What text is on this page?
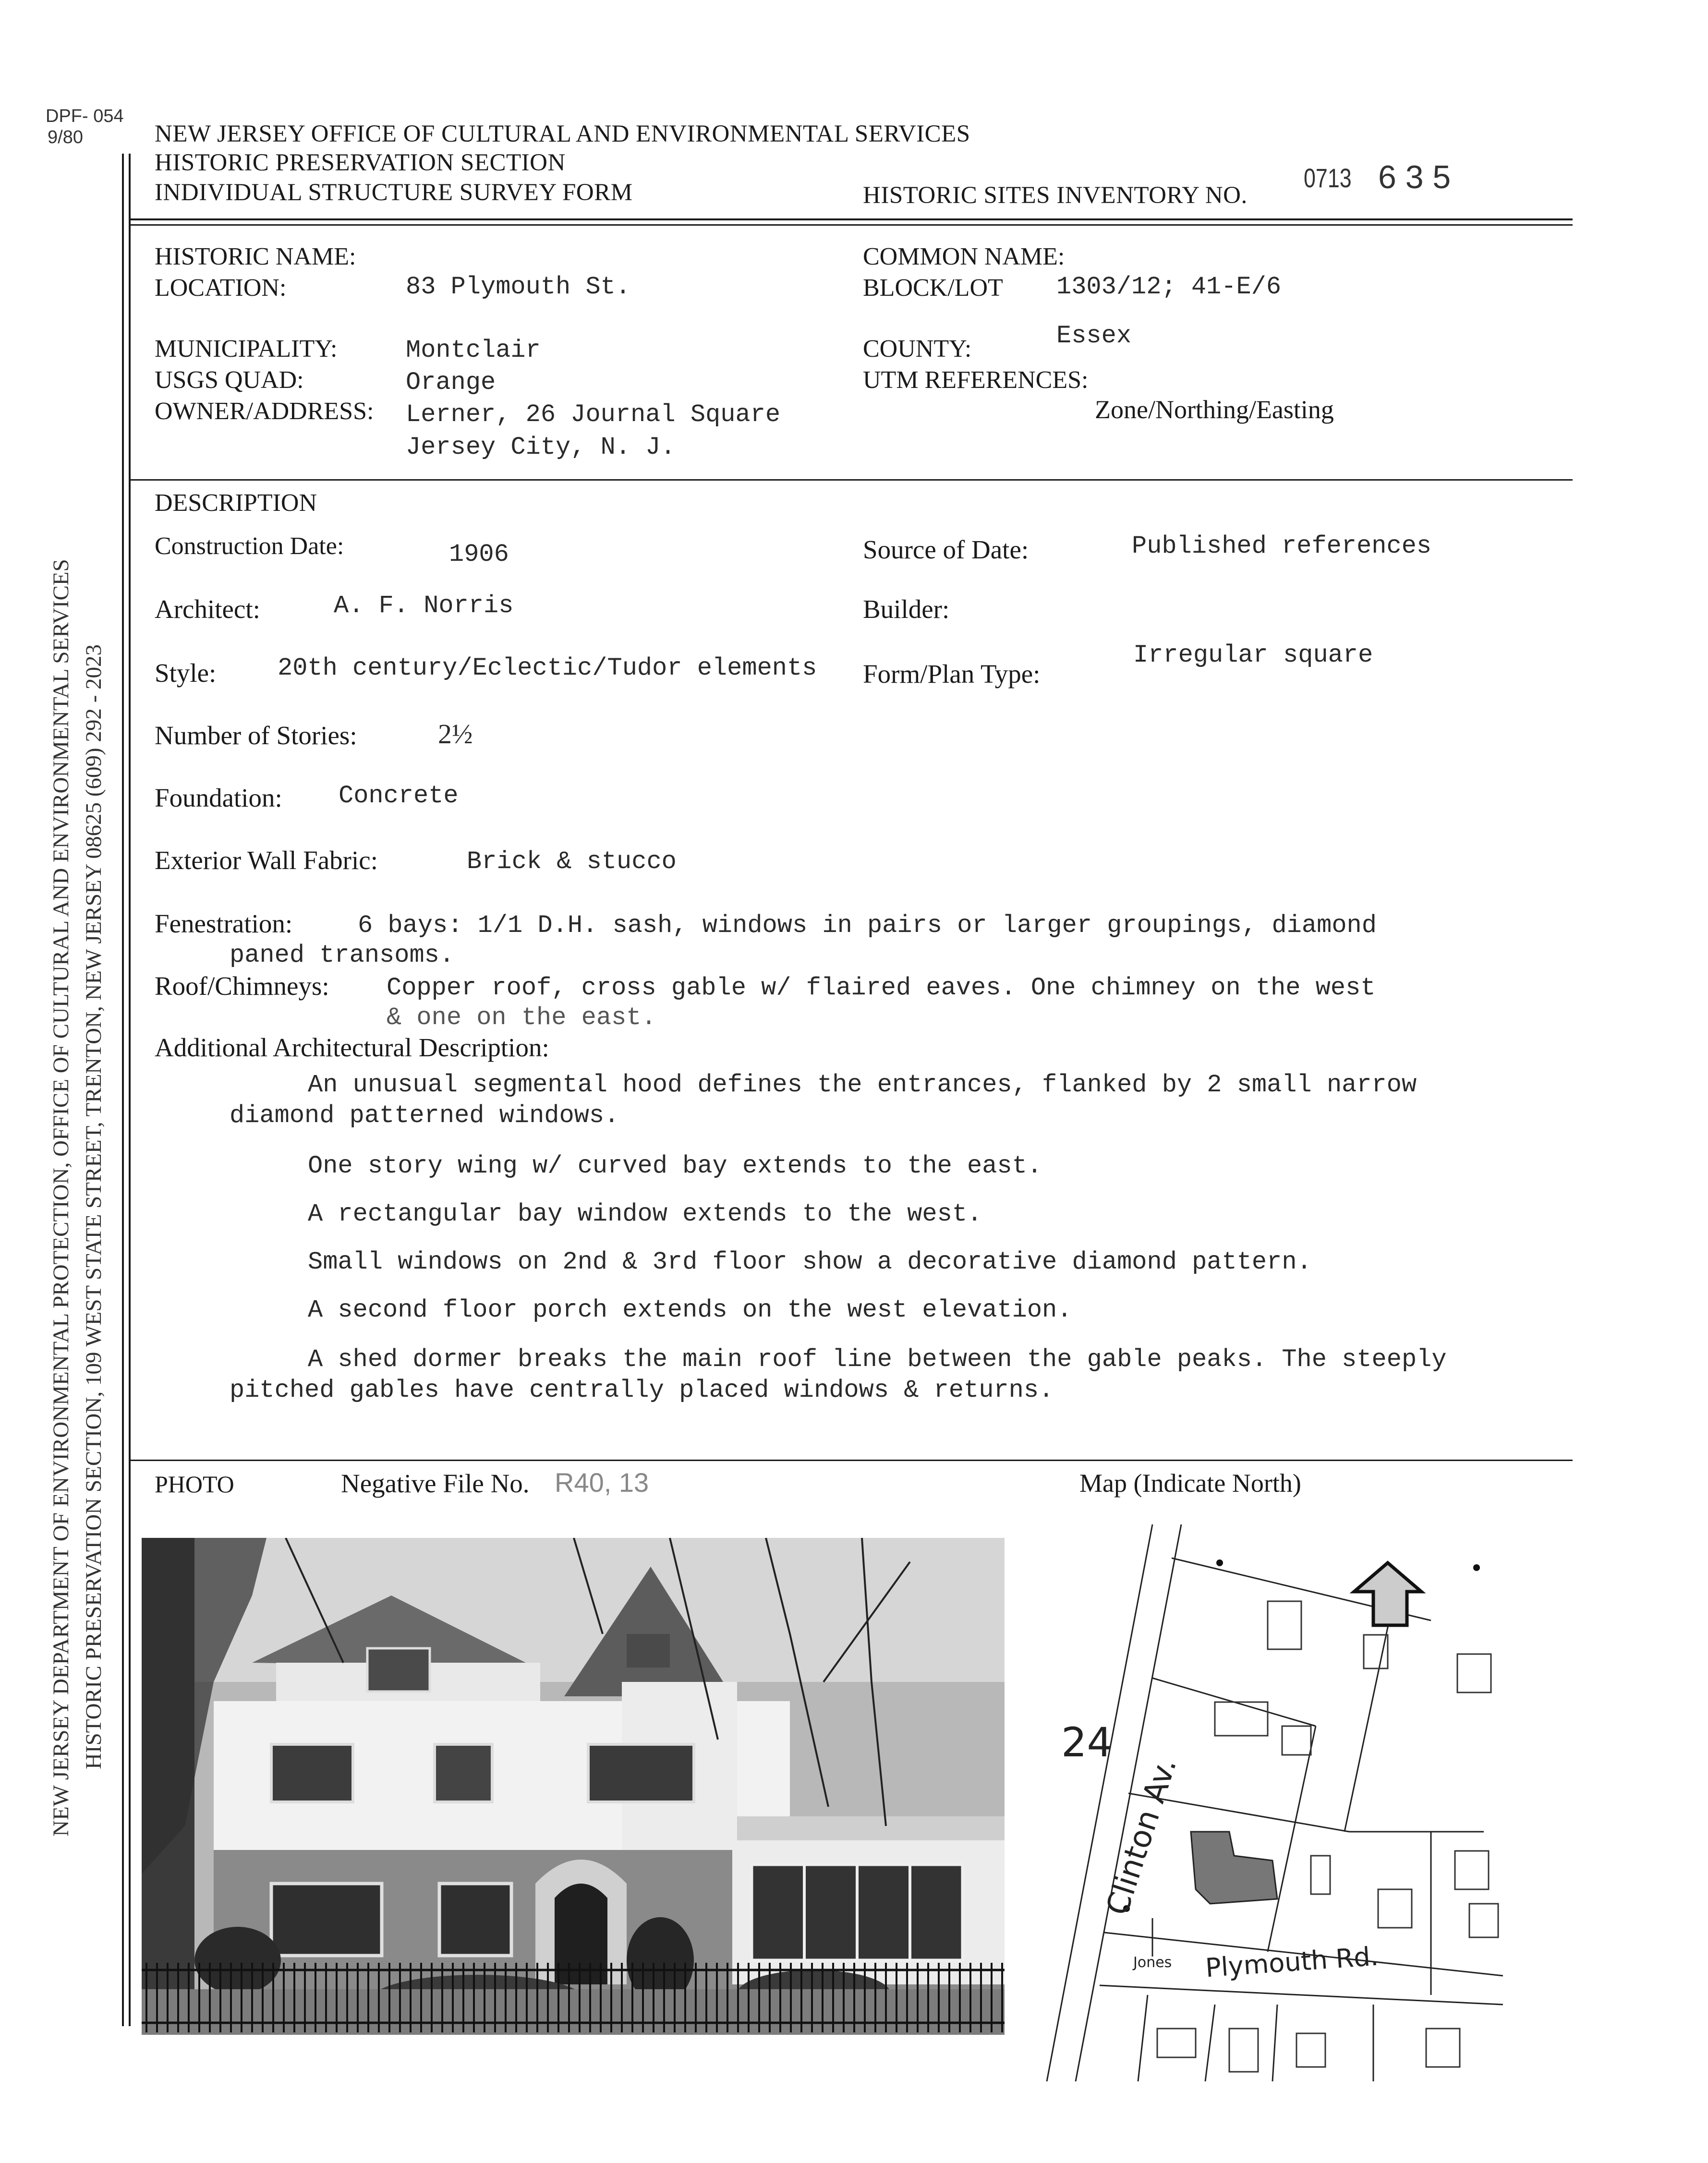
DPF- 054
9/80
NEW JERSEY DEPARTMENT OF ENVIRONMENTAL PROTECTION, OFFICE OF CULTURAL AND ENVIRONMENTAL SERVICES HISTORIC PRESERVATION SECTION, 109 WEST STATE STREET, TRENTON, NEW JERSEY 08625 (609) 292 - 2023
NEW JERSEY OFFICE OF CULTURAL AND ENVIRONMENTAL SERVICES
HISTORIC PRESERVATION SECTION
INDIVIDUAL STRUCTURE SURVEY FORM	HISTORIC SITES INVENTORY NO.
0713 6 3 5
HISTORIC NAME:
LOCATION:	83 Plymouth St.
MUNICIPALITY:	Montclair
USGS QUAD:	Orange
OWNER/ADDRESS: Lerner, 26 Journal Square
Jersey City, N. J.
COMMON NAME:
BLOCK/LOT 1303/12; 41-E/6
COUNTY:	Essex
UTM REFERENCES:
Zone/Northing/Easting
DESCRIPTION
Construction Date:	1906	Source of Date:	Published references
Architect:	A. F. Norris	Builder:
Style: 20th century/Eclectic/Tudor elements Form/Plan Type:
Irregular square
Number of Stories:	2½
Foundation: Concrete
Exterior Wall Fabric:	Brick & stucco
Fenestration:	6 bays: 1/1 D.H. sash, windows in pairs or larger groupings, diamond
paned transoms.
Roof/Chimneys: Copper roof, cross gable w/ flaired eaves. One chimney on the west
& one on the east.
Additional Architectural Description:
An unusual segmental hood defines the entrances, flanked by 2 small narrow
diamond patterned windows.
One story wing w/ curved bay extends to the east.
A rectangular bay window extends to the west.
Small windows on 2nd & 3rd floor show a decorative diamond pattern.
A second floor porch extends on the west elevation.
A shed dormer breaks the main roof line between the gable peaks. The steeply
pitched gables have centrally placed windows & returns.
PHOTO	Negative File No. R40, 13	Map (Indicate North)
24
Clinton Av.
Plymouth Rd.
Jones
